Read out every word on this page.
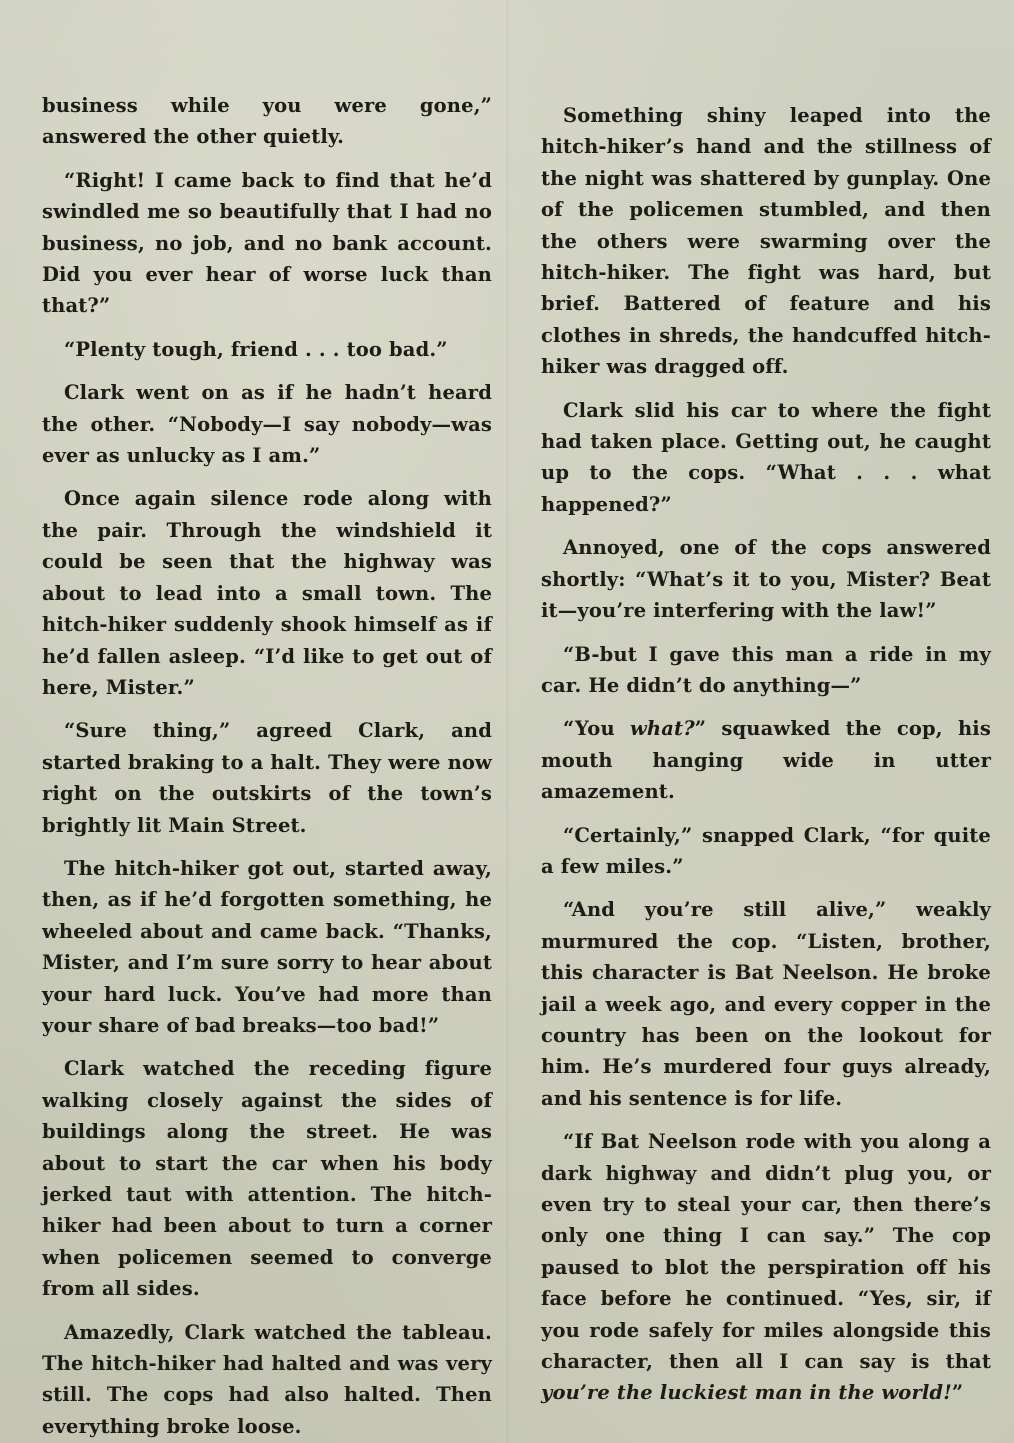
business while you were gone,” answered the other quietly.

“Right! I came back to find that he’d swindled me so beautifully that I had no business, no job, and no bank account. Did you ever hear of worse luck than that?”

“Plenty tough, friend . . . too bad.”

Clark went on as if he hadn’t heard the other. “Nobody—I say nobody—was ever as unlucky as I am.”

Once again silence rode along with the pair. Through the windshield it could be seen that the highway was about to lead into a small town. The hitch-hiker suddenly shook himself as if he’d fallen asleep. “I’d like to get out of here, Mister.”

“Sure thing,” agreed Clark, and started braking to a halt. They were now right on the outskirts of the town’s brightly lit Main Street.

The hitch-hiker got out, started away, then, as if he’d forgotten something, he wheeled about and came back. “Thanks, Mister, and I’m sure sorry to hear about your hard luck. You’ve had more than your share of bad breaks—too bad!”

Clark watched the receding figure walking closely against the sides of buildings along the street. He was about to start the car when his body jerked taut with attention. The hitch-hiker had been about to turn a corner when policemen seemed to converge from all sides.

Amazedly, Clark watched the tableau. The hitch-hiker had halted and was very still. The cops had also halted. Then everything broke loose.

Something shiny leaped into the hitch-hiker’s hand and the stillness of the night was shattered by gunplay. One of the policemen stumbled, and then the others were swarming over the hitch-hiker. The fight was hard, but brief. Battered of feature and his clothes in shreds, the handcuffed hitch-hiker was dragged off.

Clark slid his car to where the fight had taken place. Getting out, he caught up to the cops. “What . . . what happened?”

Annoyed, one of the cops answered shortly: “What’s it to you, Mister? Beat it—you’re interfering with the law!”

“B-but I gave this man a ride in my car. He didn’t do anything—”

“You what?” squawked the cop, his mouth hanging wide in utter amazement.

“Certainly,” snapped Clark, “for quite a few miles.”

“And you’re still alive,” weakly murmured the cop. “Listen, brother, this character is Bat Neelson. He broke jail a week ago, and every copper in the country has been on the lookout for him. He’s murdered four guys already, and his sentence is for life.

“If Bat Neelson rode with you along a dark highway and didn’t plug you, or even try to steal your car, then there’s only one thing I can say.” The cop paused to blot the perspiration off his face before he continued. “Yes, sir, if you rode safely for miles alongside this character, then all I can say is that you’re the luckiest man in the world!”
